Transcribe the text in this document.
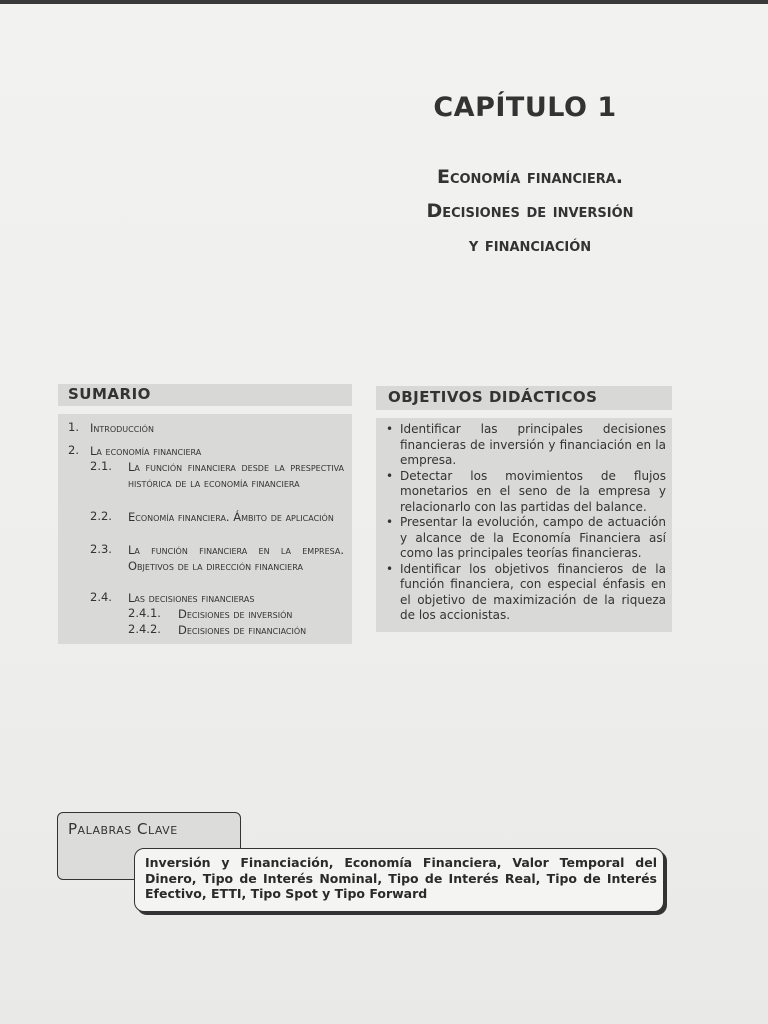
CAPÍTULO 1
Economía financiera.
Decisiones de inversión
y financiación
SUMARIO
1. Introducción
2. La economía financiera
2.1. La función financiera desde la prespectiva histórica de la economía financiera
2.2. Economía financiera. Ámbito de aplicación
2.3. La función financiera en la empresa. Objetivos de la dirección financiera
2.4. Las decisiones financieras
2.4.1. Decisiones de inversión
2.4.2. Decisiones de financiación
OBJETIVOS DIDÁCTICOS
• Identificar las principales decisiones financieras de inversión y financiación en la empresa.
• Detectar los movimientos de flujos monetarios en el seno de la empresa y relacionarlo con las partidas del balance.
• Presentar la evolución, campo de actuación y alcance de la Economía Financiera así como las principales teorías financieras.
• Identificar los objetivos financieros de la función financiera, con especial énfasis en el objetivo de maximización de la riqueza de los accionistas.
Palabras Clave
Inversión y Financiación, Economía Financiera, Valor Temporal del Dinero, Tipo de Interés Nominal, Tipo de Interés Real, Tipo de Interés Efectivo, ETTI, Tipo Spot y Tipo Forward
